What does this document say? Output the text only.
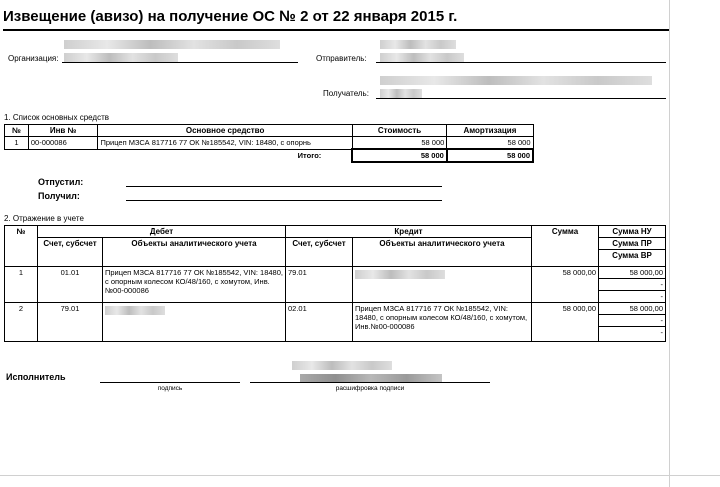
Извещение (авизо) на получение ОС № 2 от 22 января 2015 г.
Организация:	Отправитель:
Получатель:
1. Список основных средств
№	Инв №	Основное средство	Стоимость	Амортизация
1	00-000086	Прицеп МЗСА 817716 77 ОК №185542, VIN: 18480, с опорнь	58 000	58 000
		Итого:	58 000	58 000
Отпустил:
Получил:
2. Отражение в учете
№	Дебет		Кредит		Сумма	Сумма НУ
	Счет, субсчет	Объекты аналитического учета	Счет, субсчет	Объекты аналитического учета		Сумма ПР
						Сумма ВР
1	01.01	Прицеп МЗСА 817716 77 ОК №185542, VIN: 18480, с опорным колесом КО/48/160, с хомутом, Инв.№00-000086	79.01		58 000,00	58 000,00
						-
						-
2	79.01		02.01	Прицеп МЗСА 817716 77 ОК №185542, VIN: 18480, с опорным колесом КО/48/160, с хомутом, Инв.№00-000086	58 000,00	58 000,00
						-
						-
Исполнитель
подпись	расшифровка подписи
